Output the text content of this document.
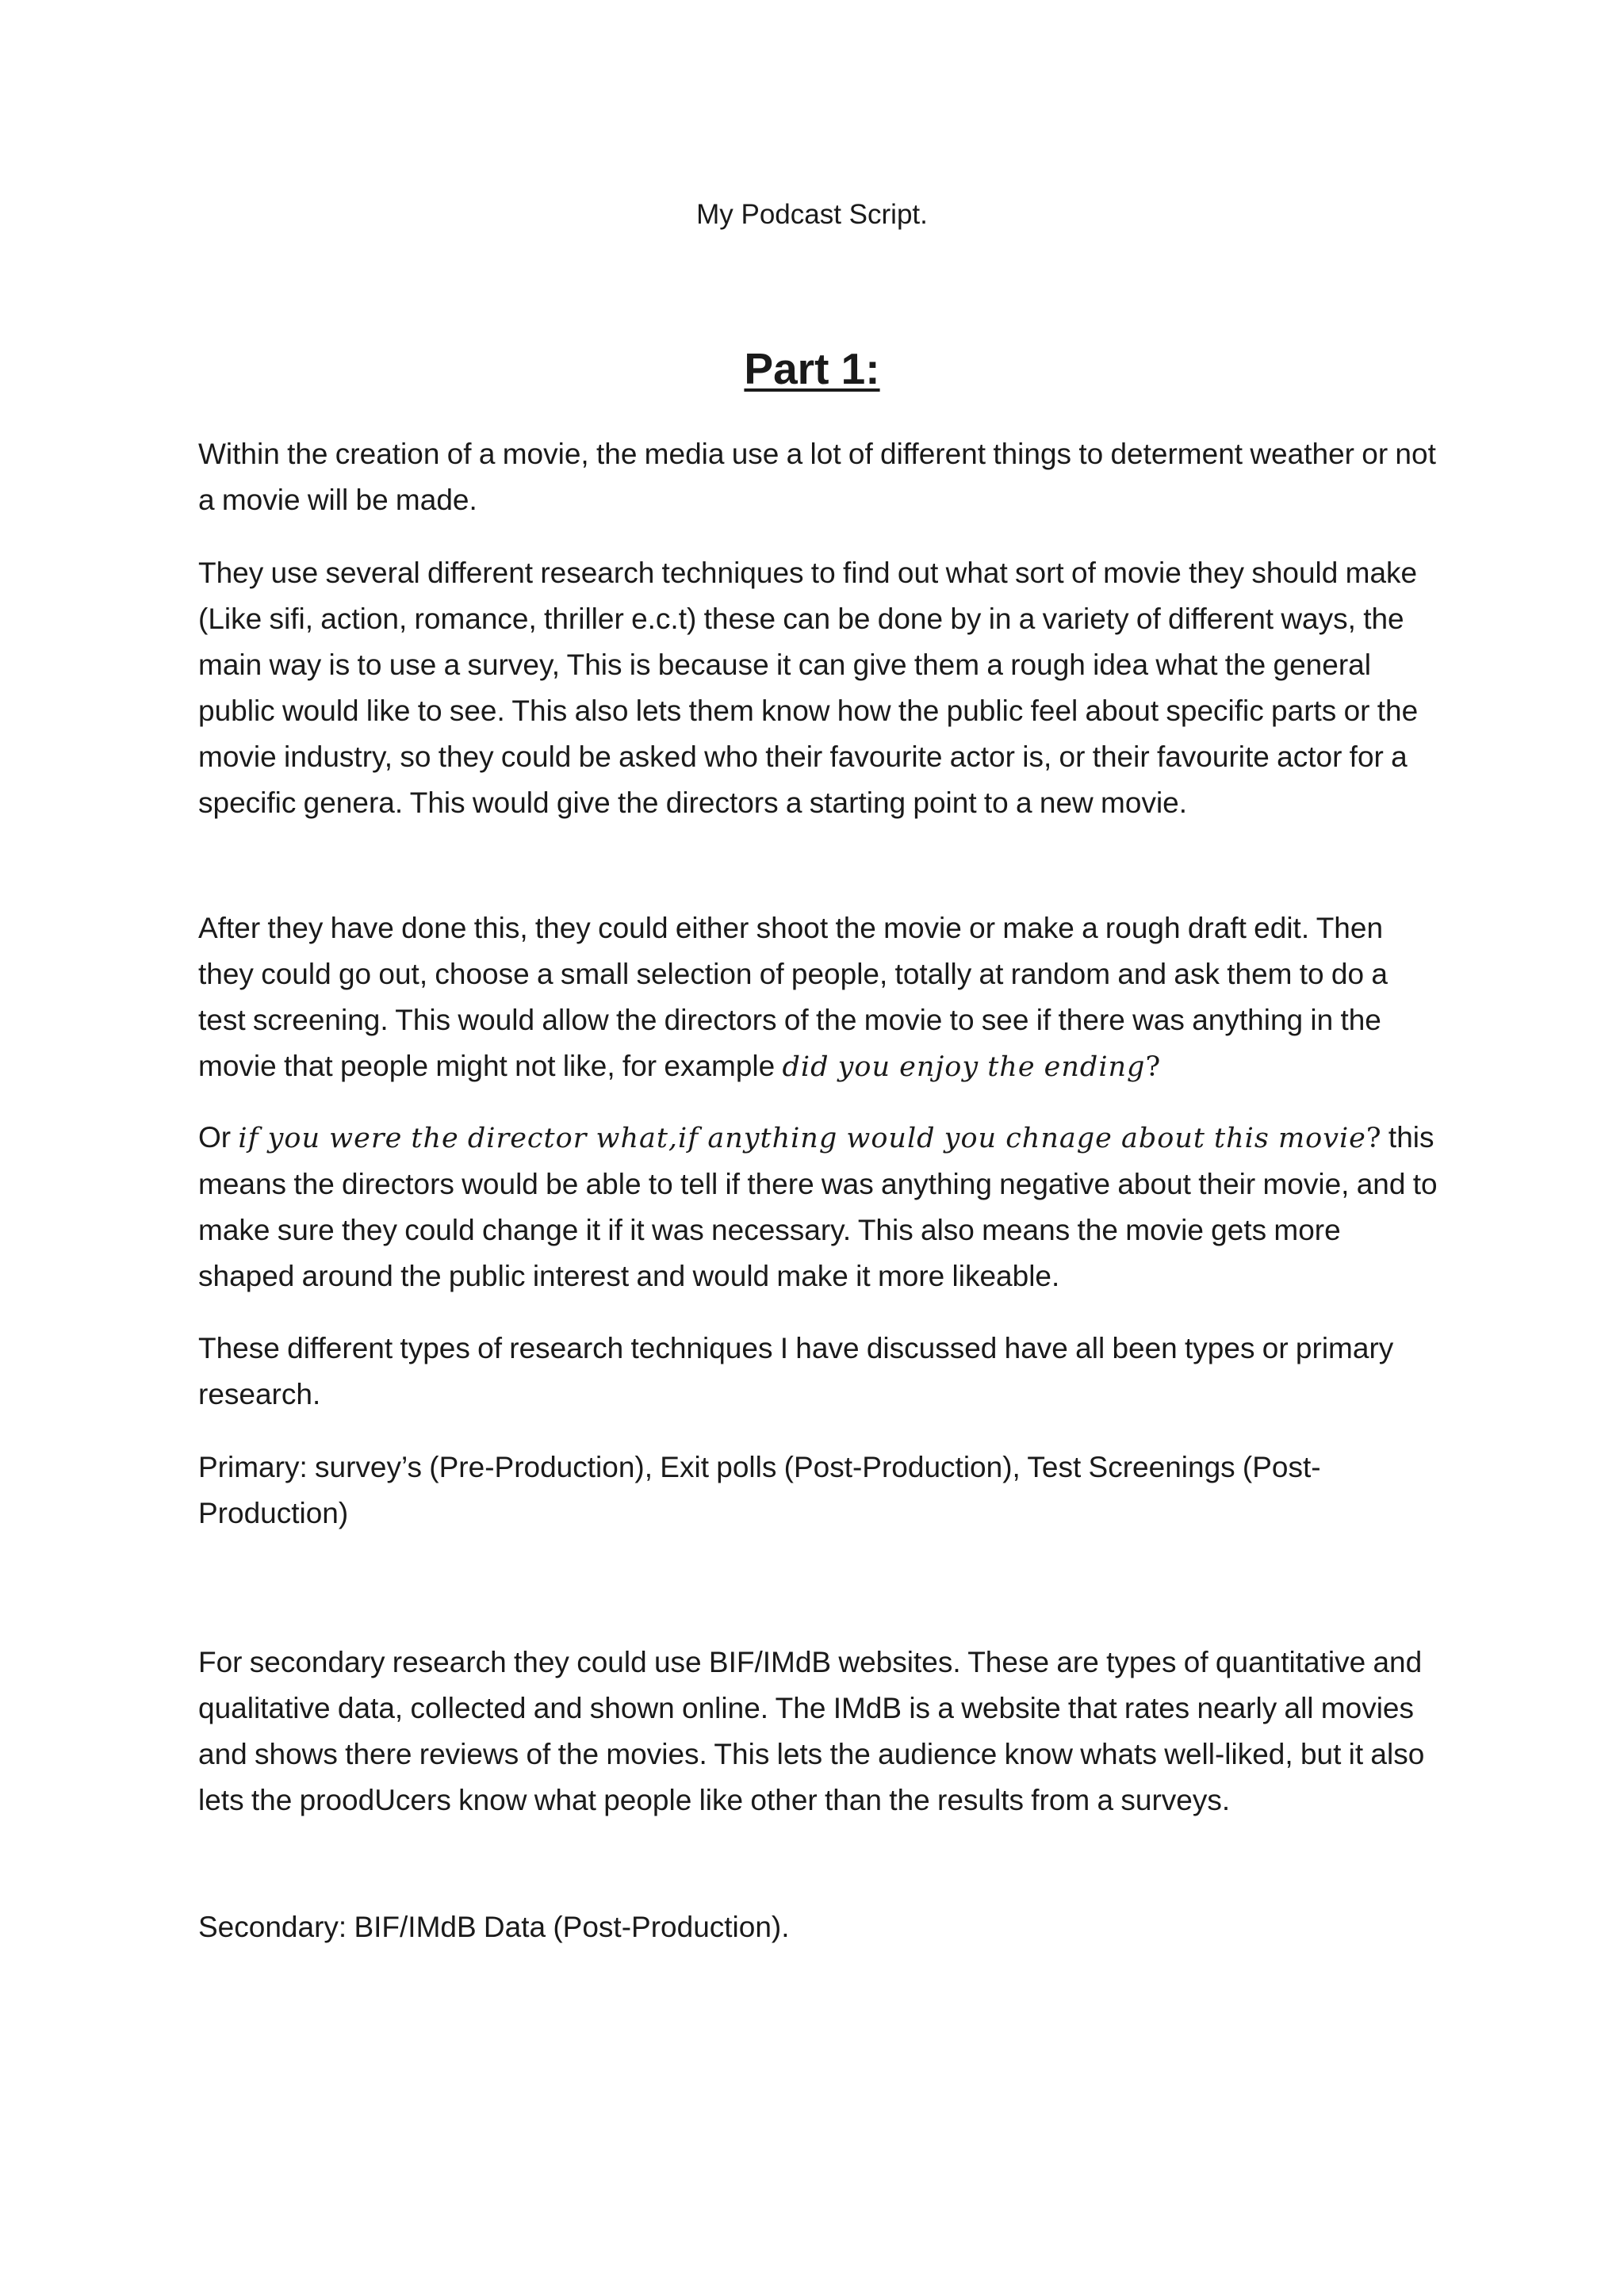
My Podcast Script.

Part 1:

Within the creation of a movie, the media use a lot of different things to determent weather or not a movie will be made.

They use several different research techniques to find out what sort of movie they should make (Like sifi, action, romance, thriller e.c.t) these can be done by in a variety of different ways, the main way is to use a survey, This is because it can give them a rough idea what the general public would like to see. This also lets them know how the public feel about specific parts or the movie industry, so they could be asked who their favourite actor is, or their favourite actor for a specific genera. This would give the directors a starting point to a new movie.

After they have done this, they could either shoot the movie or make a rough draft edit. Then they could go out, choose a small selection of people, totally at random and ask them to do a test screening. This would allow the directors of the movie to see if there was anything in the movie that people might not like, for example did you enjoy the ending?

Or if you were the director what,if anything would you chnage about this movie? this means the directors would be able to tell if there was anything negative about their movie, and to make sure they could change it if it was necessary. This also means the movie gets more shaped around the public interest and would make it more likeable.

These different types of research techniques I have discussed have all been types or primary research.

Primary: survey’s (Pre-Production), Exit polls (Post-Production), Test Screenings (Post-Production)

For secondary research they could use BIF/IMdB websites. These are types of quantitative and qualitative data, collected and shown online. The IMdB is a website that rates nearly all movies and shows there reviews of the movies. This lets the audience know whats well-liked, but it also lets the proodUcers know what people like other than the results from a surveys.

Secondary: BIF/IMdB Data (Post-Production).
